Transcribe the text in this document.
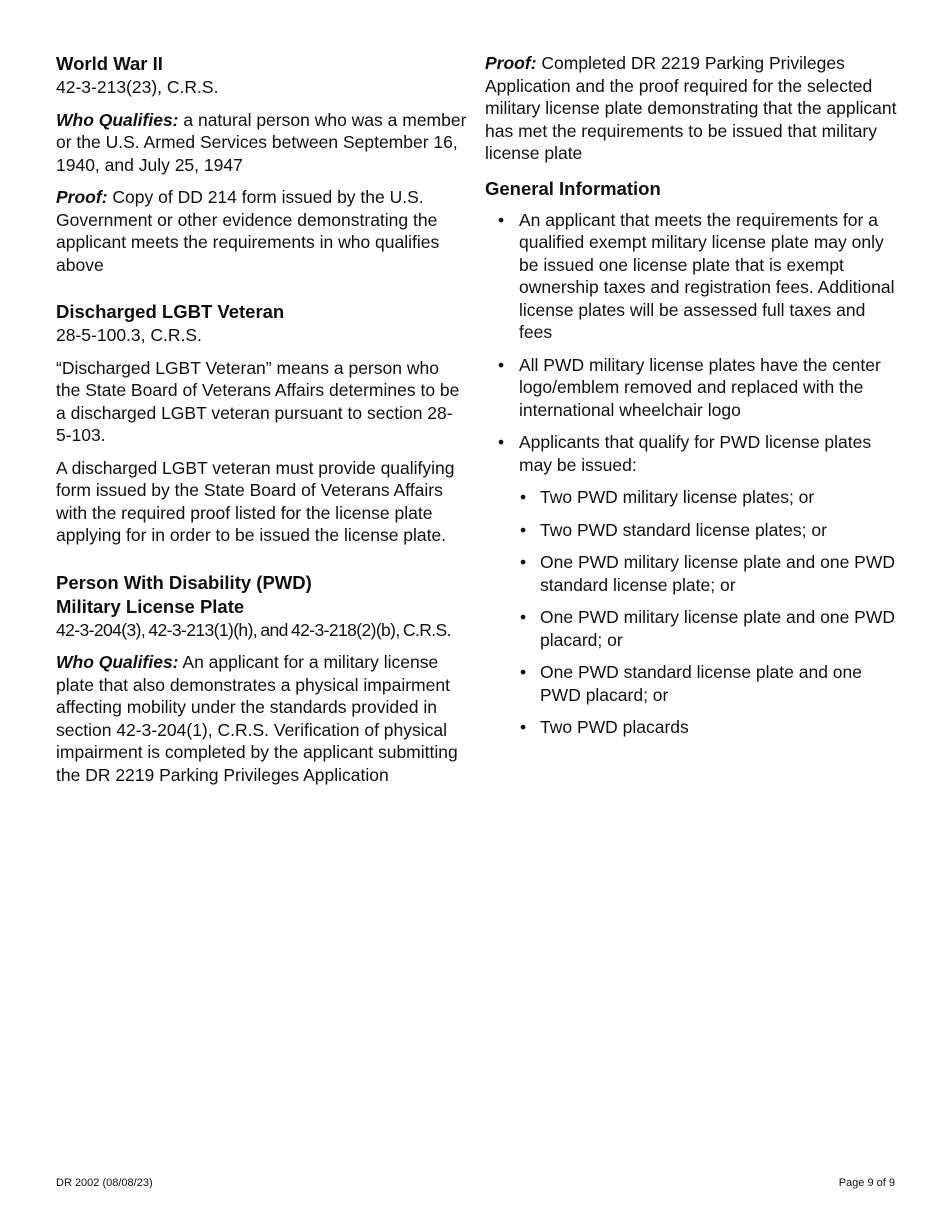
World War II
42-3-213(23), C.R.S.

Who Qualifies: a natural person who was a member or the U.S. Armed Services between September 16, 1940, and July 25, 1947

Proof: Copy of DD 214 form issued by the U.S. Government or other evidence demonstrating the applicant meets the requirements in who qualifies above

Discharged LGBT Veteran
28-5-100.3, C.R.S.

“Discharged LGBT Veteran” means a person who the State Board of Veterans Affairs determines to be a discharged LGBT veteran pursuant to section 28-5-103.

A discharged LGBT veteran must provide qualifying form issued by the State Board of Veterans Affairs with the required proof listed for the license plate applying for in order to be issued the license plate.

Person With Disability (PWD)
Military License Plate
42-3-204(3), 42-3-213(1)(h), and 42-3-218(2)(b), C.R.S.

Who Qualifies: An applicant for a military license plate that also demonstrates a physical impairment affecting mobility under the standards provided in section 42-3-204(1), C.R.S. Verification of physical impairment is completed by the applicant submitting the DR 2219 Parking Privileges Application

Proof: Completed DR 2219 Parking Privileges Application and the proof required for the selected military license plate demonstrating that the applicant has met the requirements to be issued that military license plate

General Information
• An applicant that meets the requirements for a qualified exempt military license plate may only be issued one license plate that is exempt ownership taxes and registration fees. Additional license plates will be assessed full taxes and fees
• All PWD military license plates have the center logo/emblem removed and replaced with the international wheelchair logo
• Applicants that qualify for PWD license plates may be issued:
• Two PWD military license plates; or
• Two PWD standard license plates; or
• One PWD military license plate and one PWD standard license plate; or
• One PWD military license plate and one PWD placard; or
• One PWD standard license plate and one PWD placard; or
• Two PWD placards
DR 2002 (08/08/23)	Page 9 of 9
